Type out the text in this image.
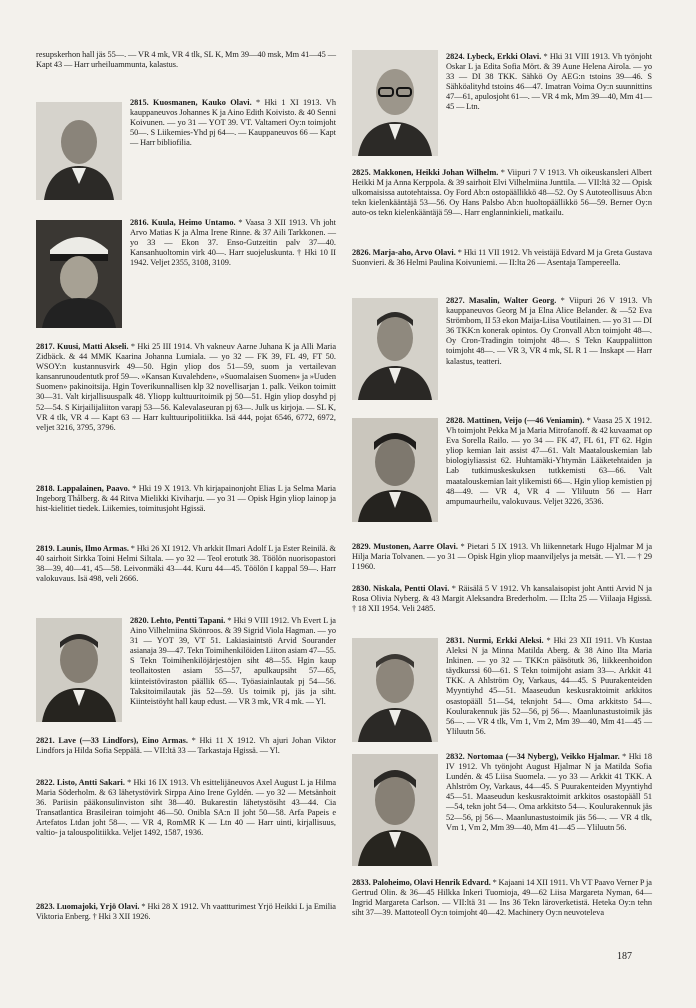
resupskerhon hall jäs 55—. — VR 4 mk, VR 4 tlk, SL K, Mm 39—40 msk, Mm 41—45 — Kapt 43 — Harr urheiluammunta, kalastus.

2815. Kuosmanen, Kauko Olavi. * Hki 1 XI 1913. Vh kauppaneuvos Johannes K ja Aino Edith Koivisto. & 40 Senni Koivunen. — yo 31 — YOT 39. VT. Valtameri Oy:n toimjoht 50—. S Liikemies-Yhd pj 64—. — Kauppaneuvos 66 — Kapt — Harr bibliofilia.

2816. Kuula, Heimo Untamo. * Vaasa 3 XII 1913. Vh joht Arvo Matias K ja Alma Irene Rinne. & 37 Aili Tarkkonen. — yo 33 — Ekon 37. Enso-Gutzeitin palv 37—40. Kansanhuoltomin virk 40—. Harr suojeluskunta. † Hki 10 II 1942. Veljet 2355, 3108, 3109.

2817. Kuusi, Matti Akseli. * Hki 25 III 1914. Vh vakneuv Aarne Juhana K ja Alli Maria Zidbäck. & 44 MMK Kaarina Johanna Lumiala. — yo 32 — FK 39, FL 49, FT 50. WSOY:n kustannusvirk 49—50. Hgin yliop dos 51—59, suom ja vertailevan kansanrunoudentutk prof 59—. »Kansan Kuvalehden», »Suomalaisen Suomen» ja »Uuden Suomen» pakinoitsija. Hgin Toverikunnallisen klp 32 novellisarjan 1. palk. Veikon toimitt 30—31. Valt kirjallisuuspalk 48. Yliopp kulttuuritoimik pj 50—51. Hgin yliop dosyhd pj 52—54. S Kirjailijaliiton varapj 53—56. Kalevalaseuran pj 63—. Julk us kirjoja. — SL K, VR 4 tlk, VR 4 — Kapt 63 — Harr kulttuuripolitiikka. Isä 444, pojat 6546, 6772, 6972, veljet 3216, 3795, 3796.

2818. Lappalainen, Paavo. * Hki 19 X 1913. Vh kirjapainonjoht Elias L ja Selma Maria Ingeborg Thålberg. & 44 Ritva Mielikki Kiviharju. — yo 31 — Opisk Hgin yliop lainop ja hist-kielitiet tiedek. Liikemies, toimitusjoht Hgissä.

2819. Launis, Ilmo Armas. * Hki 26 XI 1912. Vh arkkit Ilmari Adolf L ja Ester Reinilä. & 40 sairhoit Sirkka Toini Helmi Siltala. — yo 32 — Teol erotutk 38. Töölön nuorisopastori 38—39, 40—41, 45—58. Leivonmäki 43—44. Kuru 44—45. Töölön I kappal 59—. Harr valokuvaus. Isä 498, veli 2666.

2820. Lehto, Pentti Tapani. * Hki 9 VIII 1912. Vh Evert L ja Aino Vilhelmiina Skönroos. & 39 Sigrid Viola Hagman. — yo 31 — YOT 39, VT 51. Lakiasiaintstö Arvid Sourander asianaja 39—47. Tekn Toimihenkilöiden Liiton asiam 47—55. S Tekn Toimihenkilöjärjestöjen siht 48—55. Hgin kaup teollaitosten asiam 55—57, apulkaupsiht 57—65, kiinteistöviraston päällik 65—. Työasiainlautak pj 54—56. Taksitoimilautak jäs 52—59. Us toimik pj, jäs ja siht. Kiinteistöyht hall kaup edust. — VR 3 mk, VR 4 mk. — Yl.

2821. Lave (—33 Lindfors), Eino Armas. * Hki 11 X 1912. Vh ajuri Johan Viktor Lindfors ja Hilda Sofia Seppälä. — VII:ltä 33 — Tarkastaja Hgissä. — Yl.

2822. Listo, Antti Sakari. * Hki 16 IX 1913. Vh esittelijäneuvos Axel August L ja Hilma Maria Söderholm. & 63 lähetystövirk Sirppa Aino Irene Gyldén. — yo 32 — Metsänhoit 36. Pariisin pääkonsulinviston siht 38—40. Bukarestin lähetystösiht 43—44. Cia Transatlantica Brasileiran toimjoht 46—50. Onibla SA:n II joht 50—58. Arfa Papeis e Artefatos Ltdan joht 58—. — VR 4, RomMR K — Ltn 40 — Harr uinti, kirjallisuus, valtio- ja talouspolitiikka. Veljet 1492, 1587, 1936.

2823. Luomajoki, Yrjö Olavi. * Hki 28 X 1912. Vh vaattturimest Yrjö Heikki L ja Emilia Viktoria Enberg. † Hki 3 XII 1926.

2824. Lybeck, Erkki Olavi. * Hki 31 VIII 1913. Vh työnjoht Oskar L ja Edita Sofia Mört. & 39 Aune Helena Airola. — yo 33 — DI 38 TKK. Sähkö Oy AEG:n tstoins 39—46. S Sähköalityhd tstoins 46—47. Imatran Voima Oy:n suunnittins 47—61, apulosjoht 61—. — VR 4 mk, Mm 39—40, Mm 41—45 — Ltn.

2825. Makkonen, Heikki Johan Wilhelm. * Viipuri 7 V 1913. Vh oikeuskansleri Albert Heikki M ja Anna Kerppola. & 39 sairhoit Elvi Vilhelmiina Junttila. — VII:ltä 32 — Opisk ulkomaisissa autotehtaissa. Oy Ford Ab:n ostopäällikkö 48—52. Oy S Autoteollisuus Ab:n tekn kielenkääntäjä 53—56. Oy Hans Palsbo Ab:n huoltopäällikkö 56—59. Berner Oy:n auto-os tekn kielenkääntäjä 59—. Harr englanninkieli, matkailu.

2826. Marja-aho, Arvo Olavi. * Hki 11 VII 1912. Vh veistäjä Edvard M ja Greta Gustava Suonvieri. & 36 Helmi Paulina Koivuniemi. — II:lta 26 — Asentaja Tampereella.

2827. Masalin, Walter Georg. * Viipuri 26 V 1913. Vh kauppaneuvos Georg M ja Elna Alice Belander. & —52 Eva Strömbom, II 53 ekon Maija-Liisa Voutilainen. — yo 31 — DI 36 TKK:n konerak opintos. Oy Cronvall Ab:n toimjoht 48—. Oy Cron-Tradingin toimjoht 48—. S Tekn Kauppaliitton toimjoht 48—. — VR 3, VR 4 mk, SL R 1 — Inskapt — Harr kalastus, teatteri.

2828. Mattinen, Veijo (—46 Veniamin). * Vaasa 25 X 1912. Vh toimjoht Pekka M ja Maria Mitrofanoff. & 42 kuvaamat op Eva Sorella Railo. — yo 34 — FK 47, FL 61, FT 62. Hgin yliop kemian lait assist 47—61. Valt Maatalouskemian lab biologiyliassist 62. Huhtamäki-Yhtymän Lääketehtaiden ja Lab tutkimuskeskuksen tutkkemisti 63—66. Valt maatalouskemian lait ylikemisti 66—. Hgin yliop kemistien pj 48—49. — VR 4, VR 4 — Yliluutn 56 — Harr ampumaurheilu, valokuvaus. Veljet 3226, 3536.

2829. Mustonen, Aarre Olavi. * Pietari 5 IX 1913. Vh liikennetark Hugo Hjalmar M ja Hilja Maria Tolvanen. — yo 31 — Opisk Hgin yliop maanviljelys ja metsät. — Yl. — † 29 I 1960.

2830. Niskala, Pentti Olavi. * Räisälä 5 V 1912. Vh kansalaisopist joht Antti Arvid N ja Rosa Olivia Nyberg. & 43 Margit Aleksandra Brederholm. — II:lta 25 — Viilaaja Hgissä. † 18 XII 1954. Veli 2485.

2831. Nurmi, Erkki Aleksi. * Hki 23 XII 1911. Vh Kustaa Aleksi N ja Minna Matilda Aberg. & 38 Aino Ilta Maria Inkinen. — yo 32 — TKK:n pääsötutk 36, liikkeenhoidon täydkurssi 60—61. S Tekn toimijoht asiam 33—. Arkkit 41 TKK. A Ahlström Oy, Varkaus, 44—45. S Puurakenteiden Myyntiyhd 45—51. Maaseudun keskusraktoimit arkkitos osastopääll 51—54, teknjoht 54—. Oma arkkitsto 54—. Koulurakennuk jäs 52—56, pj 56—. Maanlunastustoimik jäs 56—. — VR 4 tlk, Vm 1, Vm 2, Mm 39—40, Mm 41—45 — Yliluutn 56.

2832. Nortomaa (—34 Nyberg), Veikko Hjalmar. * Hki 18 IV 1912. Vh työnjoht August Hjalmar N ja Matilda Sofia Lundén. & 45 Liisa Suomela. — yo 33 — Arkkit 41 TKK. A Ahlström Oy, Varkaus, 44—45. S Puurakenteiden Myyntiyhd 45—51. Maaseudun keskusraktoimit arkkitos osastopääll 51—54, tekn joht 54—. Oma arkkitsto 54—. Koulurakennuk jäs 52—56, pj 56—. Maanlunastustoimik jäs 56—. — VR 4 tlk, Vm 1, Vm 2, Mm 39—40, Mm 41—45 — Yliluutn 56.

2833. Paloheimo, Olavi Henrik Edvard. * Kajaani 14 XII 1911. Vh VT Paavo Verner P ja Gertrud Olin. & 36—45 Hilkka Inkeri Tuomioja, 49—62 Liisa Margareta Nyman, 64— Ingrid Margareta Carlson. — VII:ltä 31 — Ins 36 Tekn läroverketistä. Heteka Oy:n tehn siht 37—39. Mattoteoll Oy:n toimjoht 40—42. Machinery Oy:n neuvoteleva

187
